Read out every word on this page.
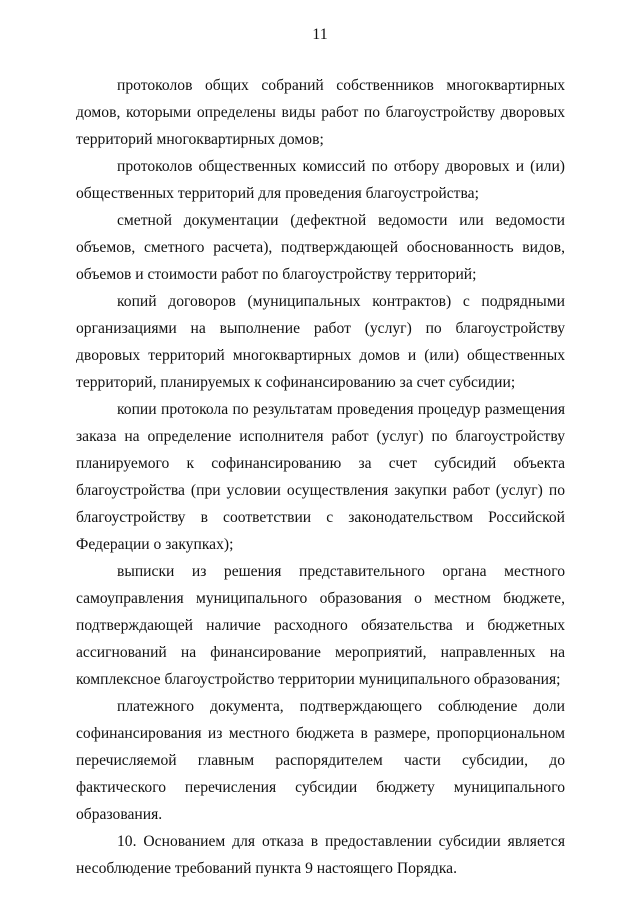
11

протоколов общих собраний собственников многоквартирных домов, которыми определены виды работ по благоустройству дворовых территорий многоквартирных домов;

протоколов общественных комиссий по отбору дворовых и (или) общественных территорий для проведения благоустройства;

сметной документации (дефектной ведомости или ведомости объемов, сметного расчета), подтверждающей обоснованность видов, объемов и стоимости работ по благоустройству территорий;

копий договоров (муниципальных контрактов) с подрядными организациями на выполнение работ (услуг) по благоустройству дворовых территорий многоквартирных домов и (или) общественных территорий, планируемых к софинансированию за счет субсидии;

копии протокола по результатам проведения процедур размещения заказа на определение исполнителя работ (услуг) по благоустройству планируемого к софинансированию за счет субсидий объекта благоустройства (при условии осуществления закупки работ (услуг) по благоустройству в соответствии с законодательством Российской Федерации о закупках);

выписки из решения представительного органа местного самоуправления муниципального образования о местном бюджете, подтверждающей наличие расходного обязательства и бюджетных ассигнований на финансирование мероприятий, направленных на комплексное благоустройство территории муниципального образования;

платежного документа, подтверждающего соблюдение доли софинансирования из местного бюджета в размере, пропорциональном перечисляемой главным распорядителем части субсидии, до фактического перечисления субсидии бюджету муниципального образования.

10. Основанием для отказа в предоставлении субсидии является несоблюдение требований пункта 9 настоящего Порядка.
